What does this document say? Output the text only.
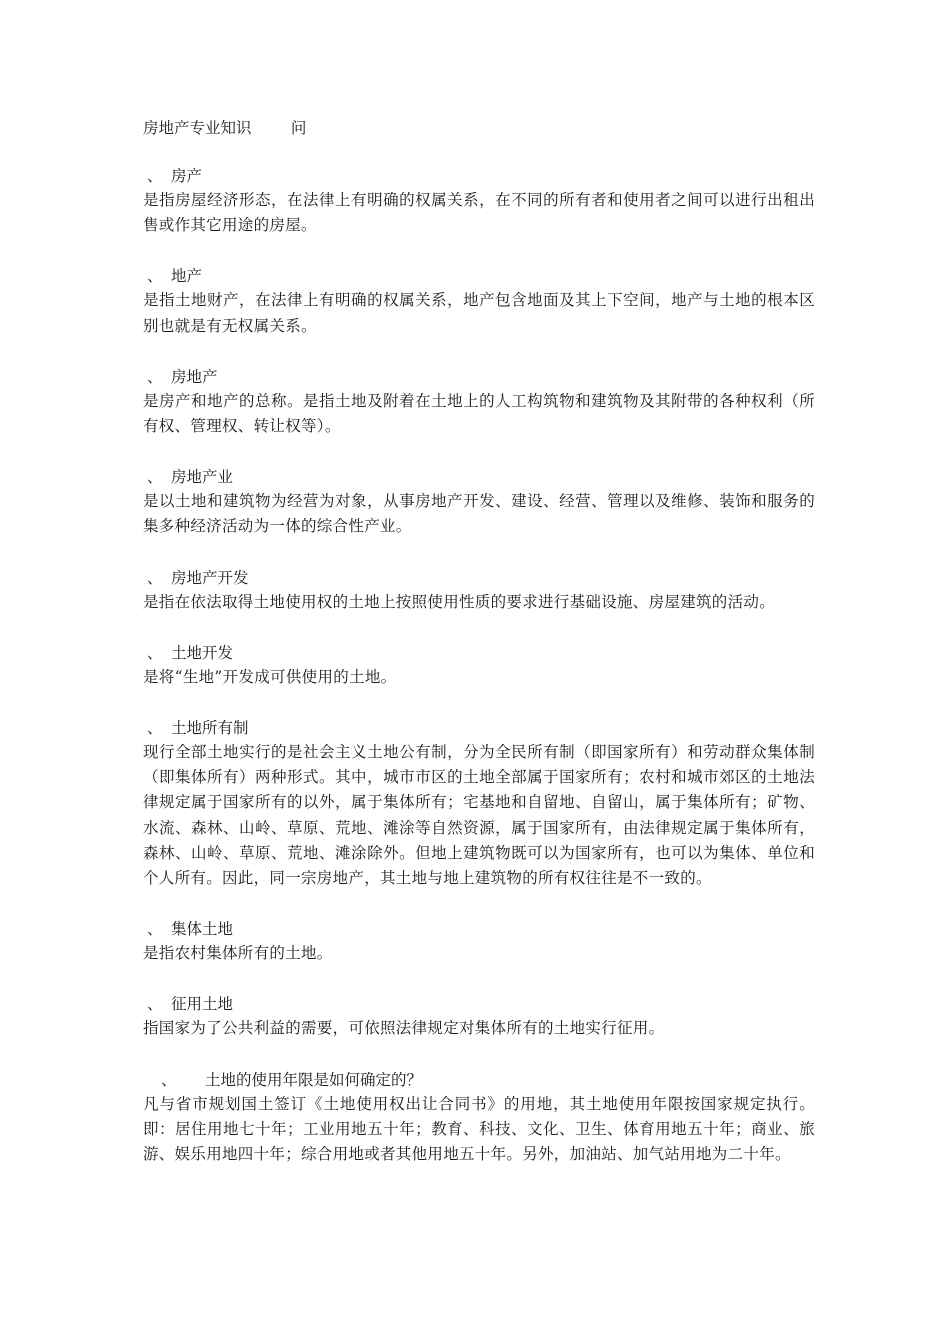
房地产专业知识        问
、 房产
是指房屋经济形态，在法律上有明确的权属关系，在不同的所有者和使用者之间可以进行出租出售或作其它用途的房屋。
、 地产
是指土地财产，在法律上有明确的权属关系，地产包含地面及其上下空间，地产与土地的根本区别也就是有无权属关系。
、 房地产
是房产和地产的总称。是指土地及附着在土地上的人工构筑物和建筑物及其附带的各种权利（所有权、管理权、转让权等）。
、 房地产业
是以土地和建筑物为经营为对象，从事房地产开发、建设、经营、管理以及维修、装饰和服务的集多种经济活动为一体的综合性产业。
、 房地产开发
是指在依法取得土地使用权的土地上按照使用性质的要求进行基础设施、房屋建筑的活动。
、 土地开发
是将“生地”开发成可供使用的土地。
、 土地所有制
现行全部土地实行的是社会主义土地公有制，分为全民所有制（即国家所有）和劳动群众集体制（即集体所有）两种形式。其中，城市市区的土地全部属于国家所有；农村和城市郊区的土地法律规定属于国家所有的以外，属于集体所有；宅基地和自留地、自留山，属于集体所有；矿物、水流、森林、山岭、草原、荒地、滩涂等自然资源，属于国家所有，由法律规定属于集体所有，森林、山岭、草原、荒地、滩涂除外。但地上建筑物既可以为国家所有，也可以为集体、单位和个人所有。因此，同一宗房地产，其土地与地上建筑物的所有权往往是不一致的。
、 集体土地
是指农村集体所有的土地。
、 征用土地
指国家为了公共利益的需要，可依照法律规定对集体所有的土地实行征用。
、 土地的使用年限是如何确定的？
凡与省市规划国土签订《土地使用权出让合同书》的用地，其土地使用年限按国家规定执行。即：居住用地七十年；工业用地五十年；教育、科技、文化、卫生、体育用地五十年；商业、旅游、娱乐用地四十年；综合用地或者其他用地五十年。另外，加油站、加气站用地为二十年。
